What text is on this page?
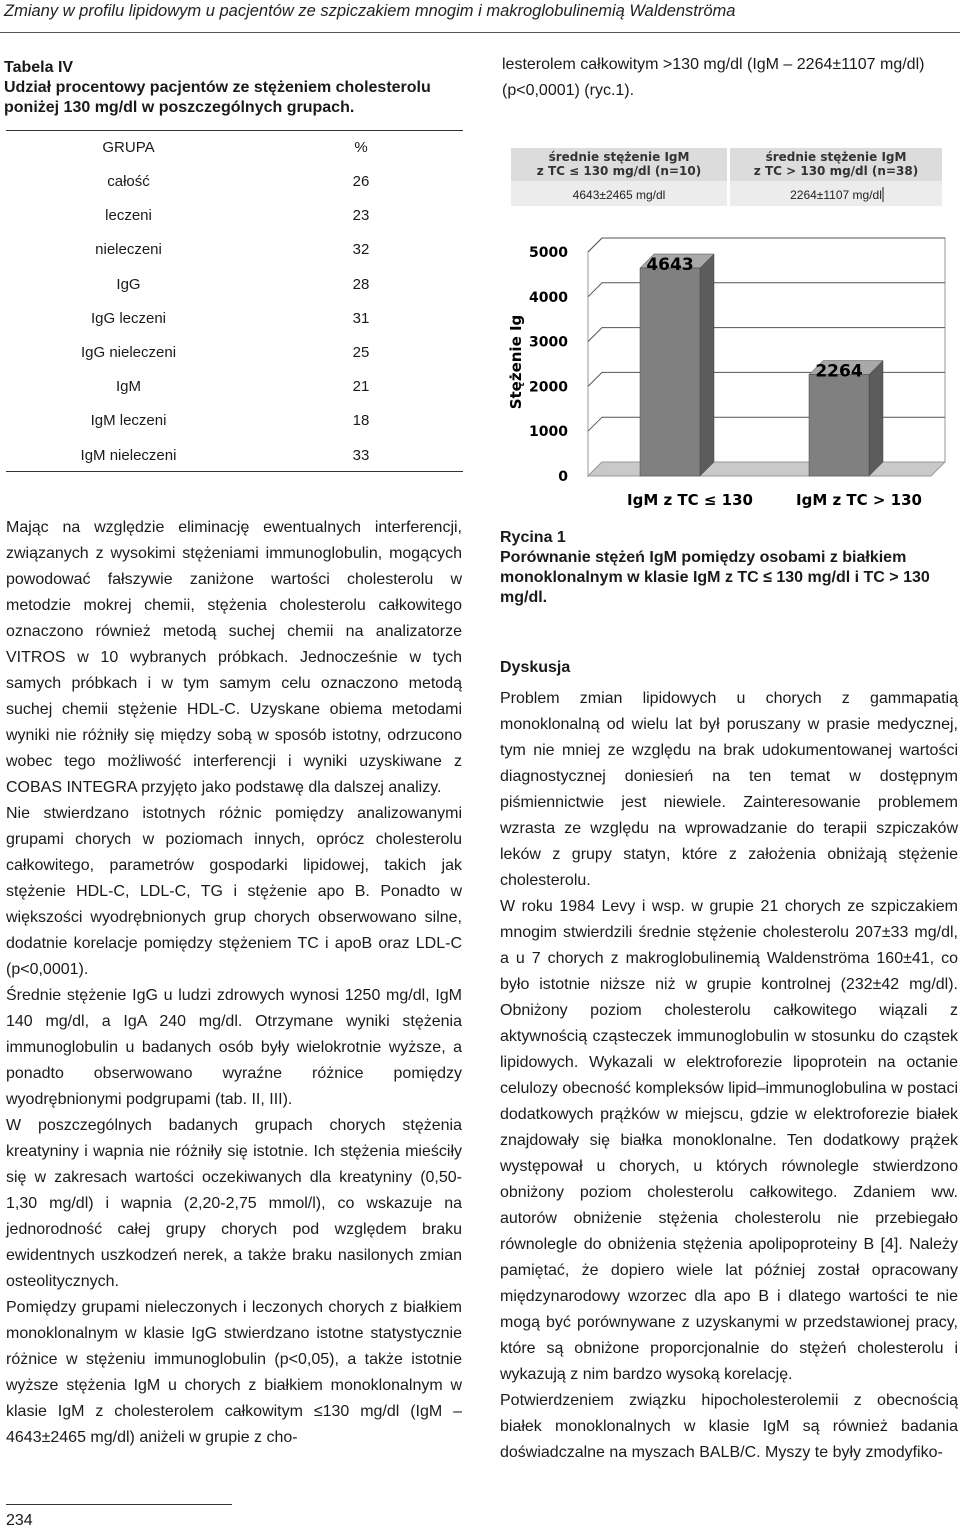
Zmiany w profilu lipidowym u pacjentów ze szpiczakiem mnogim i makroglobulinemią Waldenströma
Tabela IV
Udział procentowy pacjentów ze stężeniem cholesterolu
poniżej 130 mg/dl w poszczególnych grupach.
GRUPA	%
całość	26
leczeni	23
nieleczeni	32
IgG	28
IgG leczeni	31
IgG nieleczeni	25
IgM	21
IgM leczeni	18
IgM nieleczeni	33
lesterolem całkowitym >130 mg/dl (IgM – 2264±1107 mg/dl) (p<0,0001) (ryc.1).
średnie stężenie IgM
z TC ≤ 130 mg/dl (n=10)
średnie stężenie IgM
z TC > 130 mg/dl (n=38)
4643±2465 mg/dl	2264±1107 mg/dl
0
1000
2000
3000
4000
5000
4643
IgM z TC ≤ 130
2264
IgM z TC > 130
Stężenie Ig
Rycina 1
Porównanie stężeń IgM pomiędzy osobami z białkiem monoklonalnym w klasie IgM z TC ≤ 130 mg/dl i TC > 130 mg/dl.

Mając na względzie eliminację ewentualnych interferencji, związanych z wysokimi stężeniami immunoglobulin, mogących powodować fałszywie zaniżone wartości cholesterolu w metodzie mokrej chemii, stężenia cholesterolu całkowitego oznaczono również metodą suchej chemii na analizatorze VITROS w 10 wybranych próbkach. Jednocześnie w tych samych próbkach i w tym samym celu oznaczono metodą suchej chemii stężenie HDL-C. Uzyskane obiema metodami wyniki nie różniły się między sobą w sposób istotny, odrzucono wobec tego możliwość interferencji i wyniki uzyskiwane z COBAS INTEGRA przyjęto jako podstawę dla dalszej analizy.

Nie stwierdzano istotnych różnic pomiędzy analizowanymi grupami chorych w poziomach innych, oprócz cholesterolu całkowitego, parametrów gospodarki lipidowej, takich jak stężenie HDL-C, LDL-C, TG i stężenie apo B. Ponadto w większości wyodrębnionych grup chorych obserwowano silne, dodatnie korelacje pomiędzy stężeniem TC i apoB oraz LDL-C (p<0,0001).

Średnie stężenie IgG u ludzi zdrowych wynosi 1250 mg/dl, IgM 140 mg/dl, a IgA 240 mg/dl. Otrzymane wyniki stężenia immunoglobulin u badanych osób były wielokrotnie wyższe, a ponadto obserwowano wyraźne różnice pomiędzy wyodrębnionymi podgrupami (tab. II, III).

W poszczególnych badanych grupach chorych stężenia kreatyniny i wapnia nie różniły się istotnie. Ich stężenia mieściły się w zakresach wartości oczekiwanych dla kreatyniny (0,50-1,30 mg/dl) i wapnia (2,20-2,75 mmol/l), co wskazuje na jednorodność całej grupy chorych pod względem braku ewidentnych uszkodzeń nerek, a także braku nasilonych zmian osteolitycznych.

Pomiędzy grupami nieleczonych i leczonych chorych z białkiem monoklonalnym w klasie IgG stwierdzano istotne statystycznie różnice w stężeniu immunoglobulin (p<0,05), a także istotnie wyższe stężenia IgM u chorych z białkiem monoklonalnym w klasie IgM z cholesterolem całkowitym ≤130 mg/dl (IgM – 4643±2465 mg/dl) aniżeli w grupie z cho-

Dyskusja

Problem zmian lipidowych u chorych z gammapatią monoklonalną od wielu lat był poruszany w prasie medycznej, tym nie mniej ze względu na brak udokumentowanej wartości diagnostycznej doniesień na ten temat w dostępnym piśmiennictwie jest niewiele. Zainteresowanie problemem wzrasta ze względu na wprowadzanie do terapii szpiczaków leków z grupy statyn, które z założenia obniżają stężenie cholesterolu.

W roku 1984 Levy i wsp. w grupie 21 chorych ze szpiczakiem mnogim stwierdzili średnie stężenie cholesterolu 207±33 mg/dl, a u 7 chorych z makroglobulinemią Waldenströma 160±41, co było istotnie niższe niż w grupie kontrolnej (232±42 mg/dl). Obniżony poziom cholesterolu całkowitego wiązali z aktywnością cząsteczek immunoglobulin w stosunku do cząstek lipidowych. Wykazali w elektroforezie lipoprotein na octanie celulozy obecność kompleksów lipid–immunoglobulina w postaci dodatkowych prążków w miejscu, gdzie w elektroforezie białek znajdowały się białka monoklonalne. Ten dodatkowy prążek występował u chorych, u których równolegle stwierdzono obniżony poziom cholesterolu całkowitego. Zdaniem ww. autorów obniżenie stężenia cholesterolu nie przebiegało równolegle do obniżenia stężenia apolipoproteiny B [4]. Należy pamiętać, że dopiero wiele lat później został opracowany międzynarodowy wzorzec dla apo B i dlatego wartości te nie mogą być porównywane z uzyskanymi w przedstawionej pracy, które są obniżone proporcjonalnie do stężeń cholesterolu i wykazują z nim bardzo wysoką korelację.

Potwierdzeniem związku hipocholesterolemii z obecnością białek monoklonalnych w klasie IgM są również badania doświadczalne na myszach BALB/C. Myszy te były zmodyfiko-

234
